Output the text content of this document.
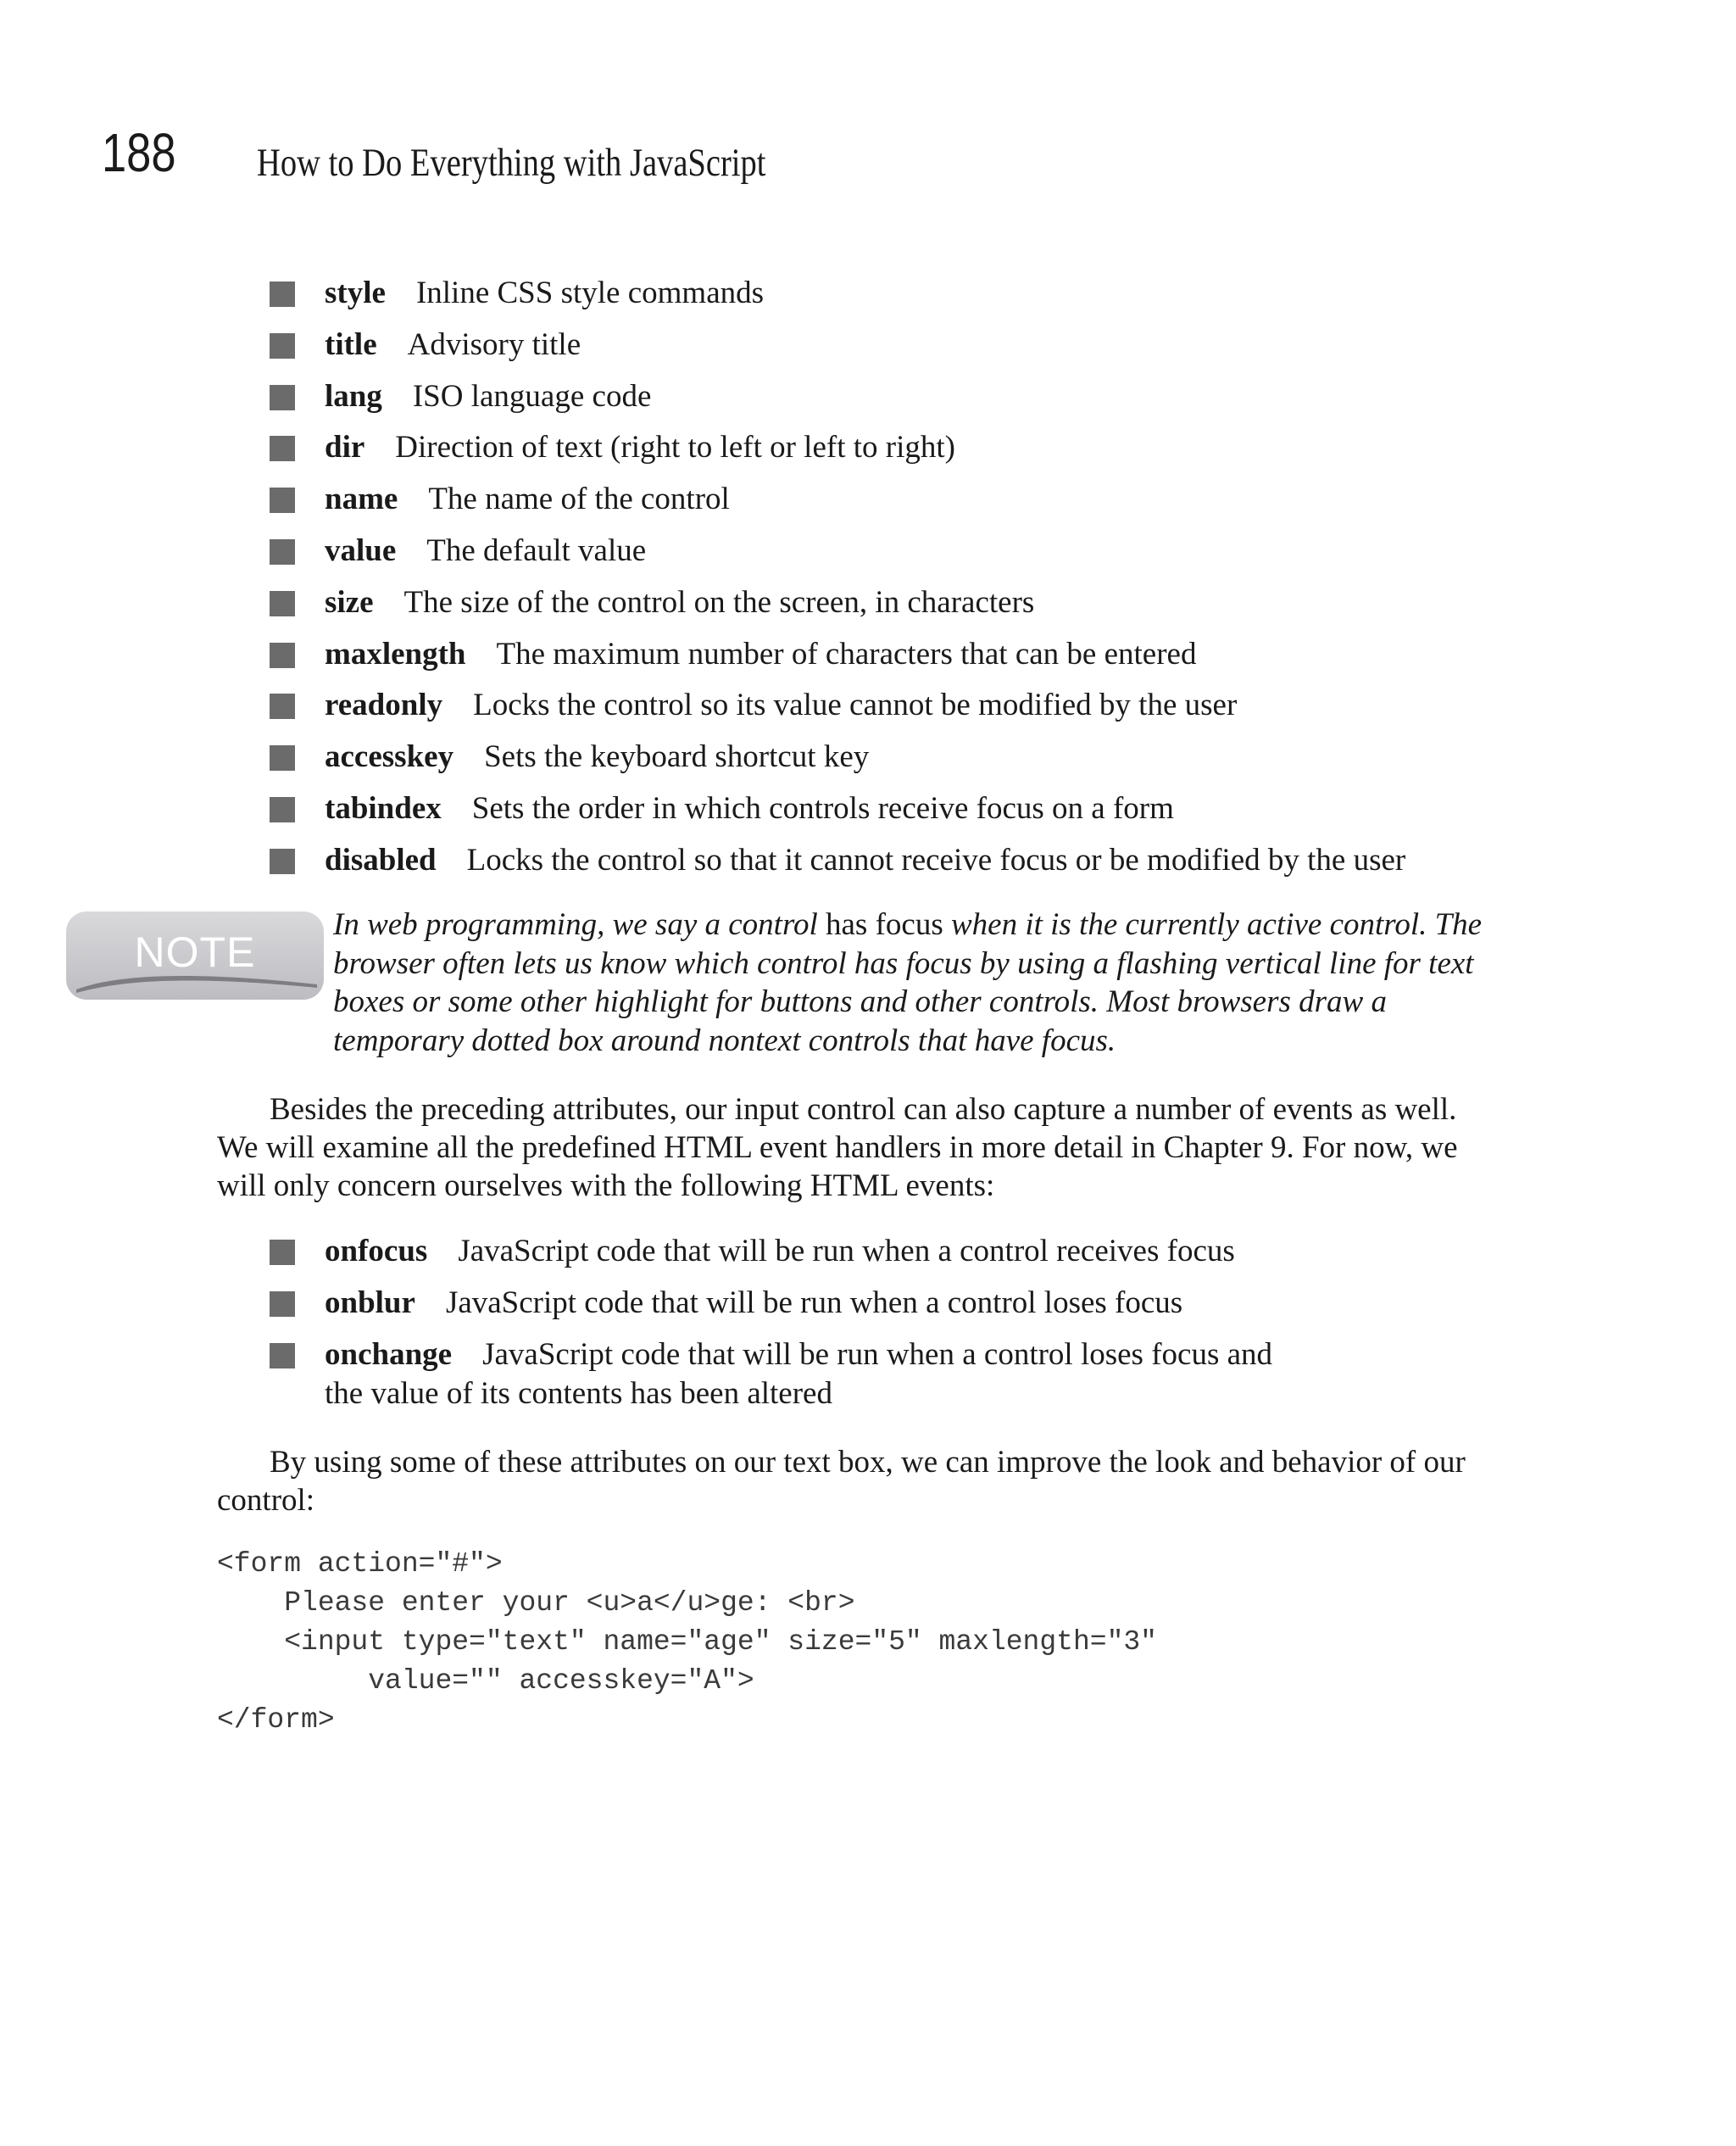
188 How to Do Everything with JavaScript
style Inline CSS style commands
title Advisory title
lang ISO language code
dir Direction of text (right to left or left to right)
name The name of the control
value The default value
size The size of the control on the screen, in characters
maxlength The maximum number of characters that can be entered
readonly Locks the control so its value cannot be modified by the user
accesskey Sets the keyboard shortcut key
tabindex Sets the order in which controls receive focus on a form
disabled Locks the control so that it cannot receive focus or be modified by the user
NOTE
In web programming, we say a control has focus when it is the currently active control. The browser often lets us know which control has focus by using a flashing vertical line for text boxes or some other highlight for buttons and other controls. Most browsers draw a temporary dotted box around nontext controls that have focus.

Besides the preceding attributes, our input control can also capture a number of events as well. We will examine all the predefined HTML event handlers in more detail in Chapter 9. For now, we will only concern ourselves with the following HTML events:

onfocus JavaScript code that will be run when a control receives focus
onblur JavaScript code that will be run when a control loses focus
onchange JavaScript code that will be run when a control loses focus and
the value of its contents has been altered

By using some of these attributes on our text box, we can improve the look and behavior of our control:

<form action="#">
Please enter your <u>a</u>ge: <br>
<input type="text" name="age" size="5" maxlength="3"
value="" accesskey="A">
</form>
